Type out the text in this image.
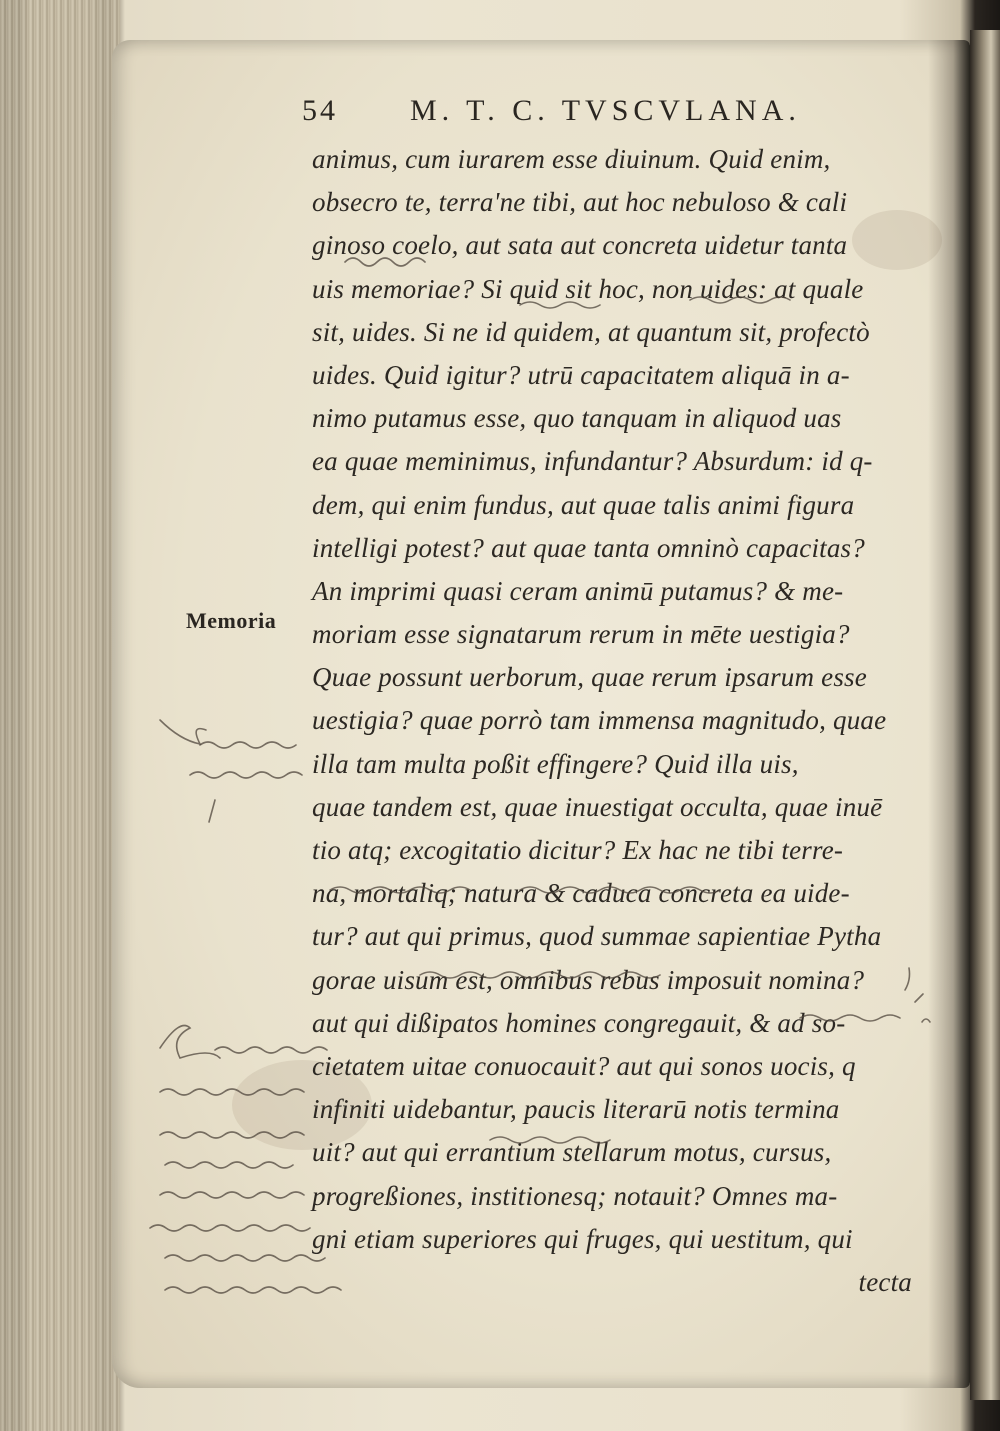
54 M. T. C. TVSCVLANA.
Memoria
animus, cum iurarem esse diuinum. Quid enim,
obsecro te, terra'ne tibi, aut hoc nebuloso & cali
ginoso coelo, aut sata aut concreta uidetur tanta
uis memoriae? Si quid sit hoc, non uides: at quale
sit, uides. Si ne id quidem, at quantum sit, profectò
uides. Quid igitur? utrū capacitatem aliquā in a-
nimo putamus esse, quo tanquam in aliquod uas
ea quae meminimus, infundantur? Absurdum: id q-
dem, qui enim fundus, aut quae talis animi figura
intelligi potest? aut quae tanta omninò capacitas?
An imprimi quasi ceram animū putamus? & me-
moriam esse signatarum rerum in mēte uestigia?
Quae possunt uerborum, quae rerum ipsarum esse
uestigia? quae porrò tam immensa magnitudo, quae
illa tam multa poßit effingere? Quid illa uis,
quae tandem est, quae inuestigat occulta, quae inuē
tio atq; excogitatio dicitur? Ex hac ne tibi terre-
na, mortaliq; natura & caduca concreta ea uide-
tur? aut qui primus, quod summae sapientiae Pytha
gorae uisum est, omnibus rebus imposuit nomina?
aut qui dißipatos homines congregauit, & ad so-
cietatem uitae conuocauit? aut qui sonos uocis, q
infiniti uidebantur, paucis literarū notis termina
uit? aut qui errantium stellarum motus, cursus,
progreßiones, institionesq; notauit? Omnes ma-
gni etiam superiores qui fruges, qui uestitum, qui
tecta
